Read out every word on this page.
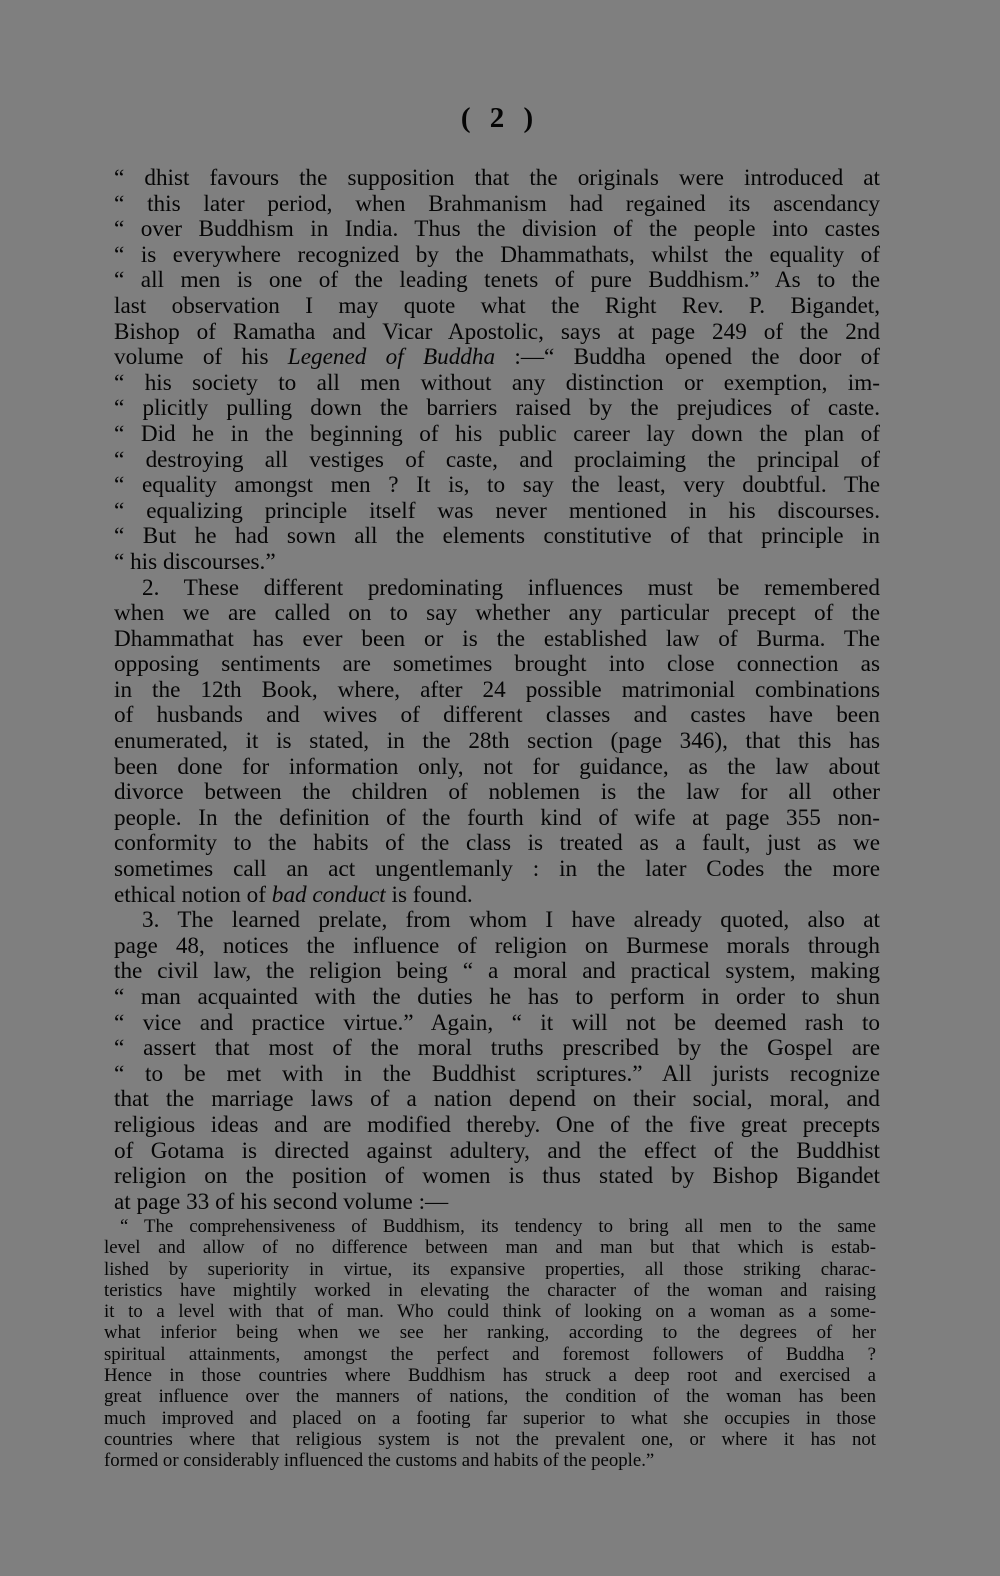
( 2 )
“ dhist favours the supposition that the originals were introduced at
“ this later period, when Brahmanism had regained its ascendancy
“ over Buddhism in India. Thus the division of the people into castes
“ is everywhere recognized by the Dhammathats, whilst the equality of
“ all men is one of the leading tenets of pure Buddhism.” As to the
last observation I may quote what the Right Rev. P. Bigandet,
Bishop of Ramatha and Vicar Apostolic, says at page 249 of the 2nd
volume of his Legened of Buddha :—“ Buddha opened the door of
“ his society to all men without any distinction or exemption, im-
“ plicitly pulling down the barriers raised by the prejudices of caste.
“ Did he in the beginning of his public career lay down the plan of
“ destroying all vestiges of caste, and proclaiming the principal of
“ equality amongst men ? It is, to say the least, very doubtful. The
“ equalizing principle itself was never mentioned in his discourses.
“ But he had sown all the elements constitutive of that principle in
“ his discourses.”
2. These different predominating influences must be remembered
when we are called on to say whether any particular precept of the
Dhammathat has ever been or is the established law of Burma. The
opposing sentiments are sometimes brought into close connection as
in the 12th Book, where, after 24 possible matrimonial combinations
of husbands and wives of different classes and castes have been
enumerated, it is stated, in the 28th section (page 346), that this has
been done for information only, not for guidance, as the law about
divorce between the children of noblemen is the law for all other
people. In the definition of the fourth kind of wife at page 355 non-
conformity to the habits of the class is treated as a fault, just as we
sometimes call an act ungentlemanly : in the later Codes the more
ethical notion of bad conduct is found.
3. The learned prelate, from whom I have already quoted, also at
page 48, notices the influence of religion on Burmese morals through
the civil law, the religion being “ a moral and practical system, making
“ man acquainted with the duties he has to perform in order to shun
“ vice and practice virtue.” Again, “ it will not be deemed rash to
“ assert that most of the moral truths prescribed by the Gospel are
“ to be met with in the Buddhist scriptures.” All jurists recognize
that the marriage laws of a nation depend on their social, moral, and
religious ideas and are modified thereby. One of the five great precepts
of Gotama is directed against adultery, and the effect of the Buddhist
religion on the position of women is thus stated by Bishop Bigandet
at page 33 of his second volume :—
“ The comprehensiveness of Buddhism, its tendency to bring all men to the same
level and allow of no difference between man and man but that which is estab-
lished by superiority in virtue, its expansive properties, all those striking charac-
teristics have mightily worked in elevating the character of the woman and raising
it to a level with that of man. Who could think of looking on a woman as a some-
what inferior being when we see her ranking, according to the degrees of her
spiritual attainments, amongst the perfect and foremost followers of Buddha ?
Hence in those countries where Buddhism has struck a deep root and exercised a
great influence over the manners of nations, the condition of the woman has been
much improved and placed on a footing far superior to what she occupies in those
countries where that religious system is not the prevalent one, or where it has not
formed or considerably influenced the customs and habits of the people.”
